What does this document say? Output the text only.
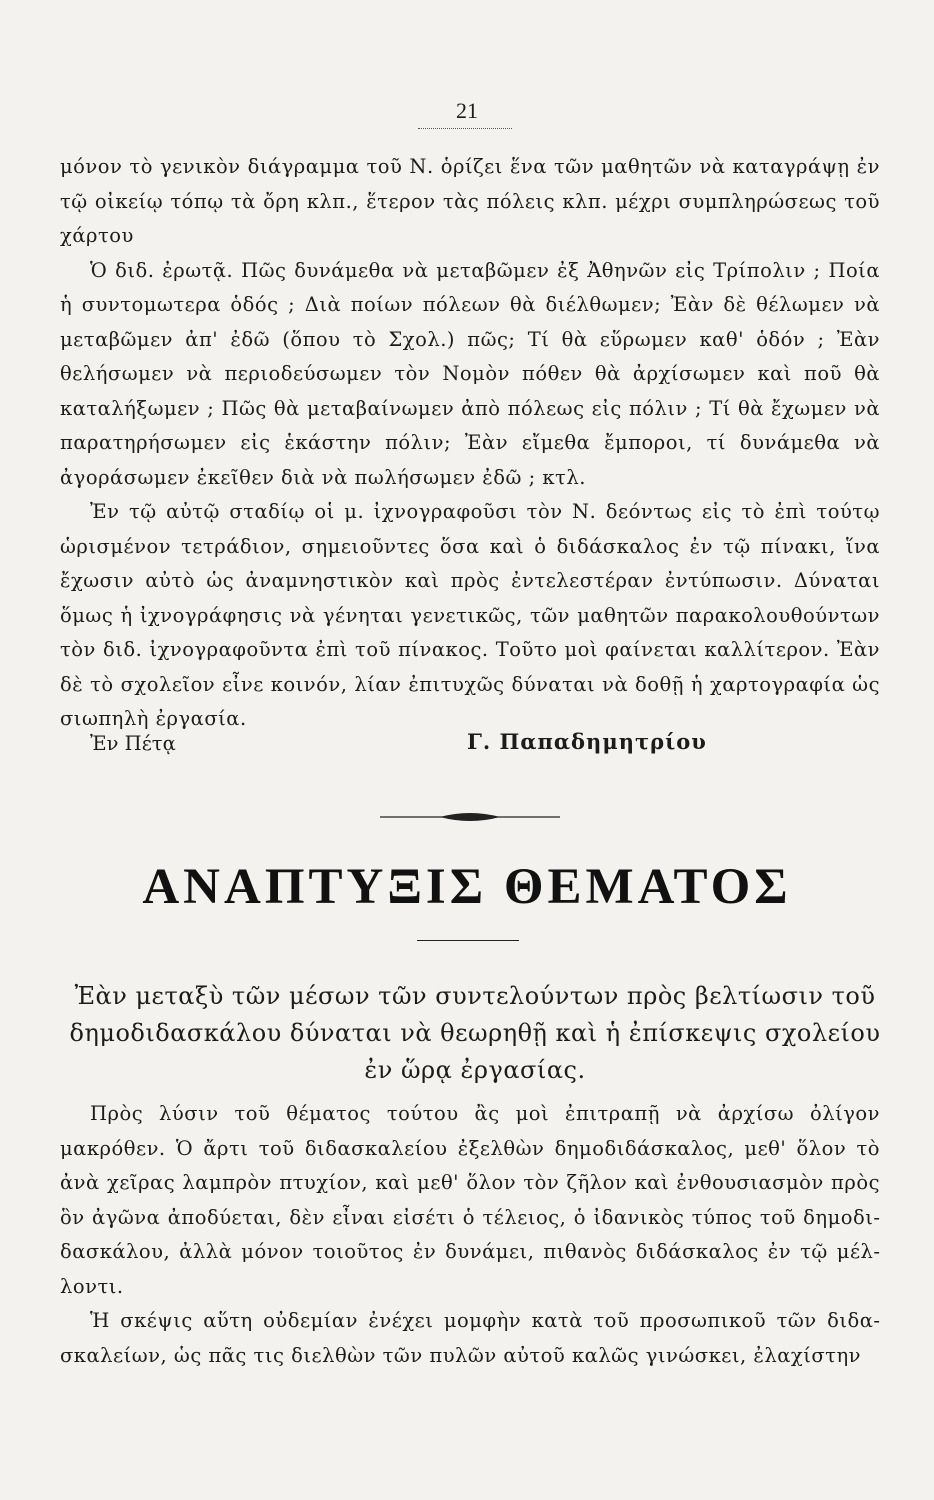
21

μόνον τὸ γενικὸν διάγραμμα τοῦ Ν. ὁρίζει ἕνα τῶν μαθητῶν νὰ καταγράψῃ ἐν τῷ οἰκείῳ τόπῳ τὰ ὄρη κλπ., ἕτερον τὰς πόλεις κλπ. μέχρι συμπληρώσεως τοῦ χάρτου

Ὁ διδ. ἐρωτᾷ. Πῶς δυνάμεθα νὰ μεταβῶμεν ἐξ Ἀθηνῶν εἰς Τρίπολιν ; Ποία ἡ συντομωτερα ὁδός ; Διὰ ποίων πόλεων θὰ διέλθωμεν; Ἐὰν δὲ θέλωμεν νὰ μεταβῶμεν ἀπ' ἐδῶ (ὅπου τὸ Σχολ.) πῶς; Τί θὰ εὕρωμεν καθ' ὁδόν ; Ἐὰν θελήσωμεν νὰ περιοδεύσωμεν τὸν Νομὸν πόθεν θὰ ἀρχίσωμεν καὶ ποῦ θὰ καταλήξωμεν ; Πῶς θὰ μεταβαίνωμεν ἀπὸ πόλεως εἰς πόλιν ; Τί θὰ ἔχωμεν νὰ παρατηρήσωμεν εἰς ἑκάστην πόλιν; Ἐὰν εἴμεθα ἔμποροι, τί δυνάμεθα νὰ ἀγοράσωμεν ἐκεῖθεν διὰ νὰ πωλήσωμεν ἐδῶ ; κτλ.

Ἐν τῷ αὐτῷ σταδίῳ οἱ μ. ἰχνογραφοῦσι τὸν Ν. δεόντως εἰς τὸ ἐπὶ τούτῳ ὡρισμένον τετράδιον, σημειοῦντες ὅσα καὶ ὁ διδάσκαλος ἐν τῷ πίνακι, ἵνα ἔχωσιν αὐτὸ ὡς ἀναμνηστικὸν καὶ πρὸς ἐντελεστέραν ἐντύπωσιν. Δύναται ὅμως ἡ ἰχνογράφησις νὰ γένηται γενετικῶς, τῶν μαθητῶν παρακολουθούντων τὸν διδ. ἰχνογραφοῦντα ἐπὶ τοῦ πίνακος. Τοῦτο μοὶ φαίνεται καλλίτερον. Ἐὰν δὲ τὸ σχολεῖον εἶνε κοινόν, λίαν ἐπιτυχῶς δύναται νὰ δοθῇ ἡ χαρτογραφία ὡς σιωπηλὴ ἐργασία.

Ἐν Πέτᾳ	Γ. Παπαδημητρίου
ΑΝΑΠΤΥΞΙΣ ΘΕΜΑΤΟΣ

Ἐὰν μεταξὺ τῶν μέσων τῶν συντελούντων πρὸς βελτίωσιν τοῦ δημοδιδασκάλου δύναται νὰ θεωρηθῇ καὶ ἡ ἐπίσκεψις σχολείου ἐν ὥρᾳ ἐργασίας.

Πρὸς λύσιν τοῦ θέματος τούτου ἂς μοὶ ἐπιτραπῇ νὰ ἀρχίσω ὀλίγον μακρόθεν. Ὁ ἄρτι τοῦ διδασκαλείου ἐξελθὼν δημοδιδάσκαλος, μεθ' ὅλον τὸ ἀνὰ χεῖρας λαμπρὸν πτυχίον, καὶ μεθ' ὅλον τὸν ζῆλον καὶ ἐνθουσιασμὸν πρὸς ὃν ἀγῶνα ἀποδύεται, δὲν εἶναι εἰσέτι ὁ τέλειος, ὁ ἰδανικὸς τύπος τοῦ δημοδιδασκάλου, ἀλλὰ μόνον τοιοῦτος ἐν δυνάμει, πιθανὸς διδάσκαλος ἐν τῷ μέλλοντι.

Ἡ σκέψις αὕτη οὐδεμίαν ἐνέχει μομφὴν κατὰ τοῦ προσωπικοῦ τῶν διδασκαλείων, ὡς πᾶς τις διελθὼν τῶν πυλῶν αὐτοῦ καλῶς γινώσκει, ἐλαχίστην
